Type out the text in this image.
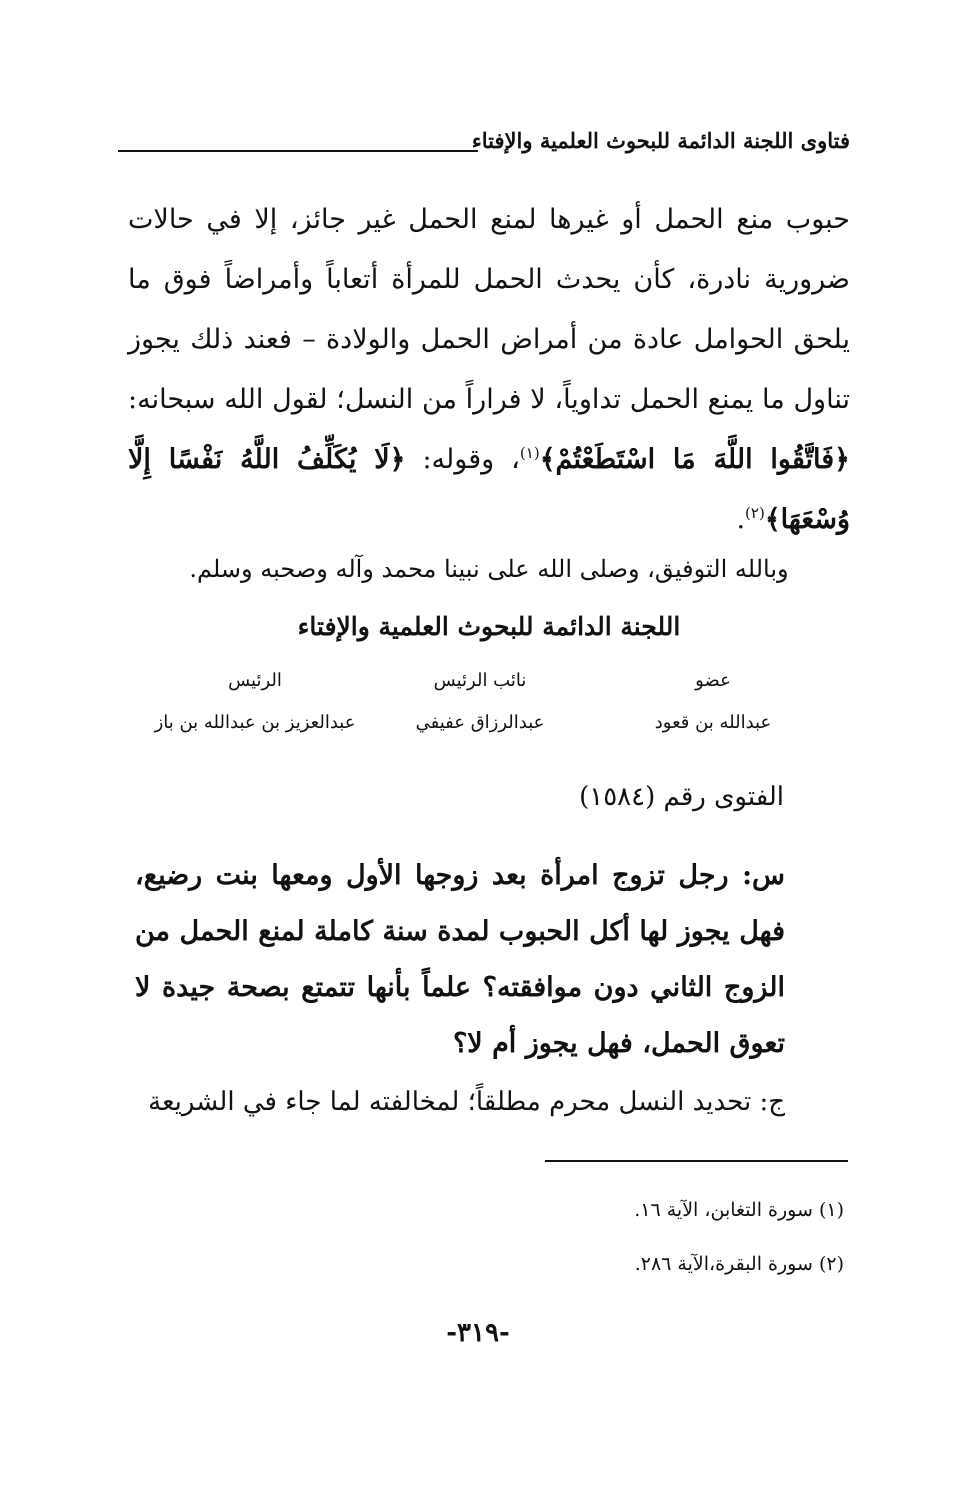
فتاوى اللجنة الدائمة للبحوث العلمية والإفتاء
حبوب منع الحمل أو غيرها لمنع الحمل غير جائز، إلا في حالات ضرورية نادرة، كأن يحدث الحمل للمرأة أتعاباً وأمراضاً فوق ما يلحق الحوامل عادة من أمراض الحمل والولادة – فعند ذلك يجوز تناول ما يمنع الحمل تداوياً، لا فراراً من النسل؛ لقول الله سبحانه: ﴿فَاتَّقُوا اللَّهَ مَا اسْتَطَعْتُمْ﴾$^{(١)}$، وقوله: ﴿لَا يُكَلِّفُ اللَّهُ نَفْسًا إِلَّا وُسْعَهَا﴾$^{(٢)}$.
وبالله التوفيق، وصلى الله على نبينا محمد وآله وصحبه وسلم.
اللجنة الدائمة للبحوث العلمية والإفتاء
عضو
نائب الرئيس
الرئيس
عبدالله بن قعود
عبدالرزاق عفيفي
عبدالعزيز بن عبدالله بن باز
الفتوى رقم (١٥٨٤)
س: رجل تزوج امرأة بعد زوجها الأول ومعها بنت رضيع، فهل يجوز لها أكل الحبوب لمدة سنة كاملة لمنع الحمل من الزوج الثاني دون موافقته؟ علماً بأنها تتمتع بصحة جيدة لا تعوق الحمل، فهل يجوز أم لا؟
ج: تحديد النسل محرم مطلقاً؛ لمخالفته لما جاء في الشريعة
(١) سورة التغابن، الآية ١٦.
(٢) سورة البقرة،الآية ٢٨٦.
-٣١٩-
